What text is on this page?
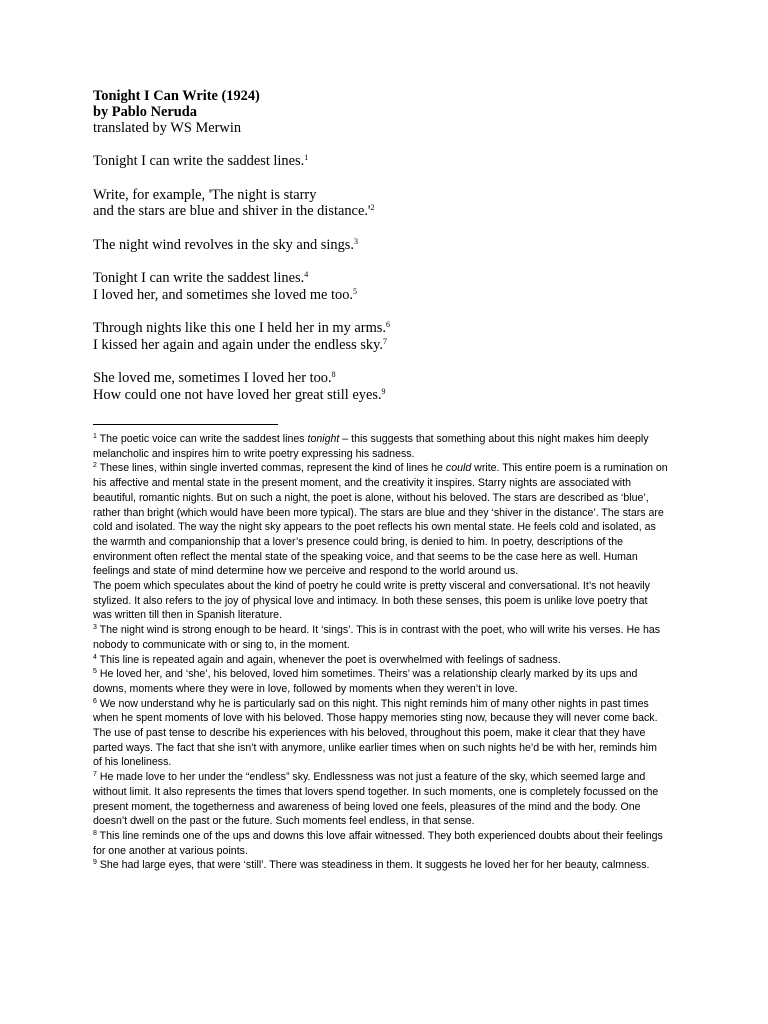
Tonight I Can Write (1924)
by Pablo Neruda
translated by WS Merwin
Tonight I can write the saddest lines.$^1$
Write, for example, 'The night is starry
and the stars are blue and shiver in the distance.'$^2$
The night wind revolves in the sky and sings.$^3$
Tonight I can write the saddest lines.$^4$
I loved her, and sometimes she loved me too.$^5$
Through nights like this one I held her in my arms.$^6$
I kissed her again and again under the endless sky.$^7$
She loved me, sometimes I loved her too.$^8$
How could one not have loved her great still eyes.$^9$

$^1$ The poetic voice can write the saddest lines tonight – this suggests that something about this night makes him deeply melancholic and inspires him to write poetry expressing his sadness.

$^2$ These lines, within single inverted commas, represent the kind of lines he could write. This entire poem is a rumination on his affective and mental state in the present moment, and the creativity it inspires. Starry nights are associated with beautiful, romantic nights. But on such a night, the poet is alone, without his beloved. The stars are described as ‘blue’, rather than bright (which would have been more typical). The stars are blue and they ‘shiver in the distance’. The stars are cold and isolated. The way the night sky appears to the poet reflects his own mental state. He feels cold and isolated, as the warmth and companionship that a lover’s presence could bring, is denied to him. In poetry, descriptions of the environment often reflect the mental state of the speaking voice, and that seems to be the case here as well. Human feelings and state of mind determine how we perceive and respond to the world around us.

The poem which speculates about the kind of poetry he could write is pretty visceral and conversational. It’s not heavily stylized. It also refers to the joy of physical love and intimacy. In both these senses, this poem is unlike love poetry that was written till then in Spanish literature.

$^3$ The night wind is strong enough to be heard. It ‘sings’. This is in contrast with the poet, who will write his verses. He has nobody to communicate with or sing to, in the moment.

$^4$ This line is repeated again and again, whenever the poet is overwhelmed with feelings of sadness.

$^5$ He loved her, and ‘she’, his beloved, loved him sometimes. Theirs’ was a relationship clearly marked by its ups and downs, moments where they were in love, followed by moments when they weren’t in love.

$^6$ We now understand why he is particularly sad on this night. This night reminds him of many other nights in past times when he spent moments of love with his beloved. Those happy memories sting now, because they will never come back. The use of past tense to describe his experiences with his beloved, throughout this poem, make it clear that they have parted ways. The fact that she isn’t with anymore, unlike earlier times when on such nights he’d be with her, reminds him of his loneliness.

$^7$ He made love to her under the “endless” sky. Endlessness was not just a feature of the sky, which seemed large and without limit. It also represents the times that lovers spend together. In such moments, one is completely focussed on the present moment, the togetherness and awareness of being loved one feels, pleasures of the mind and the body. One doesn’t dwell on the past or the future. Such moments feel endless, in that sense.

$^8$ This line reminds one of the ups and downs this love affair witnessed. They both experienced doubts about their feelings for one another at various points.

$^9$ She had large eyes, that were ‘still’. There was steadiness in them. It suggests he loved her for her beauty, calmness.
